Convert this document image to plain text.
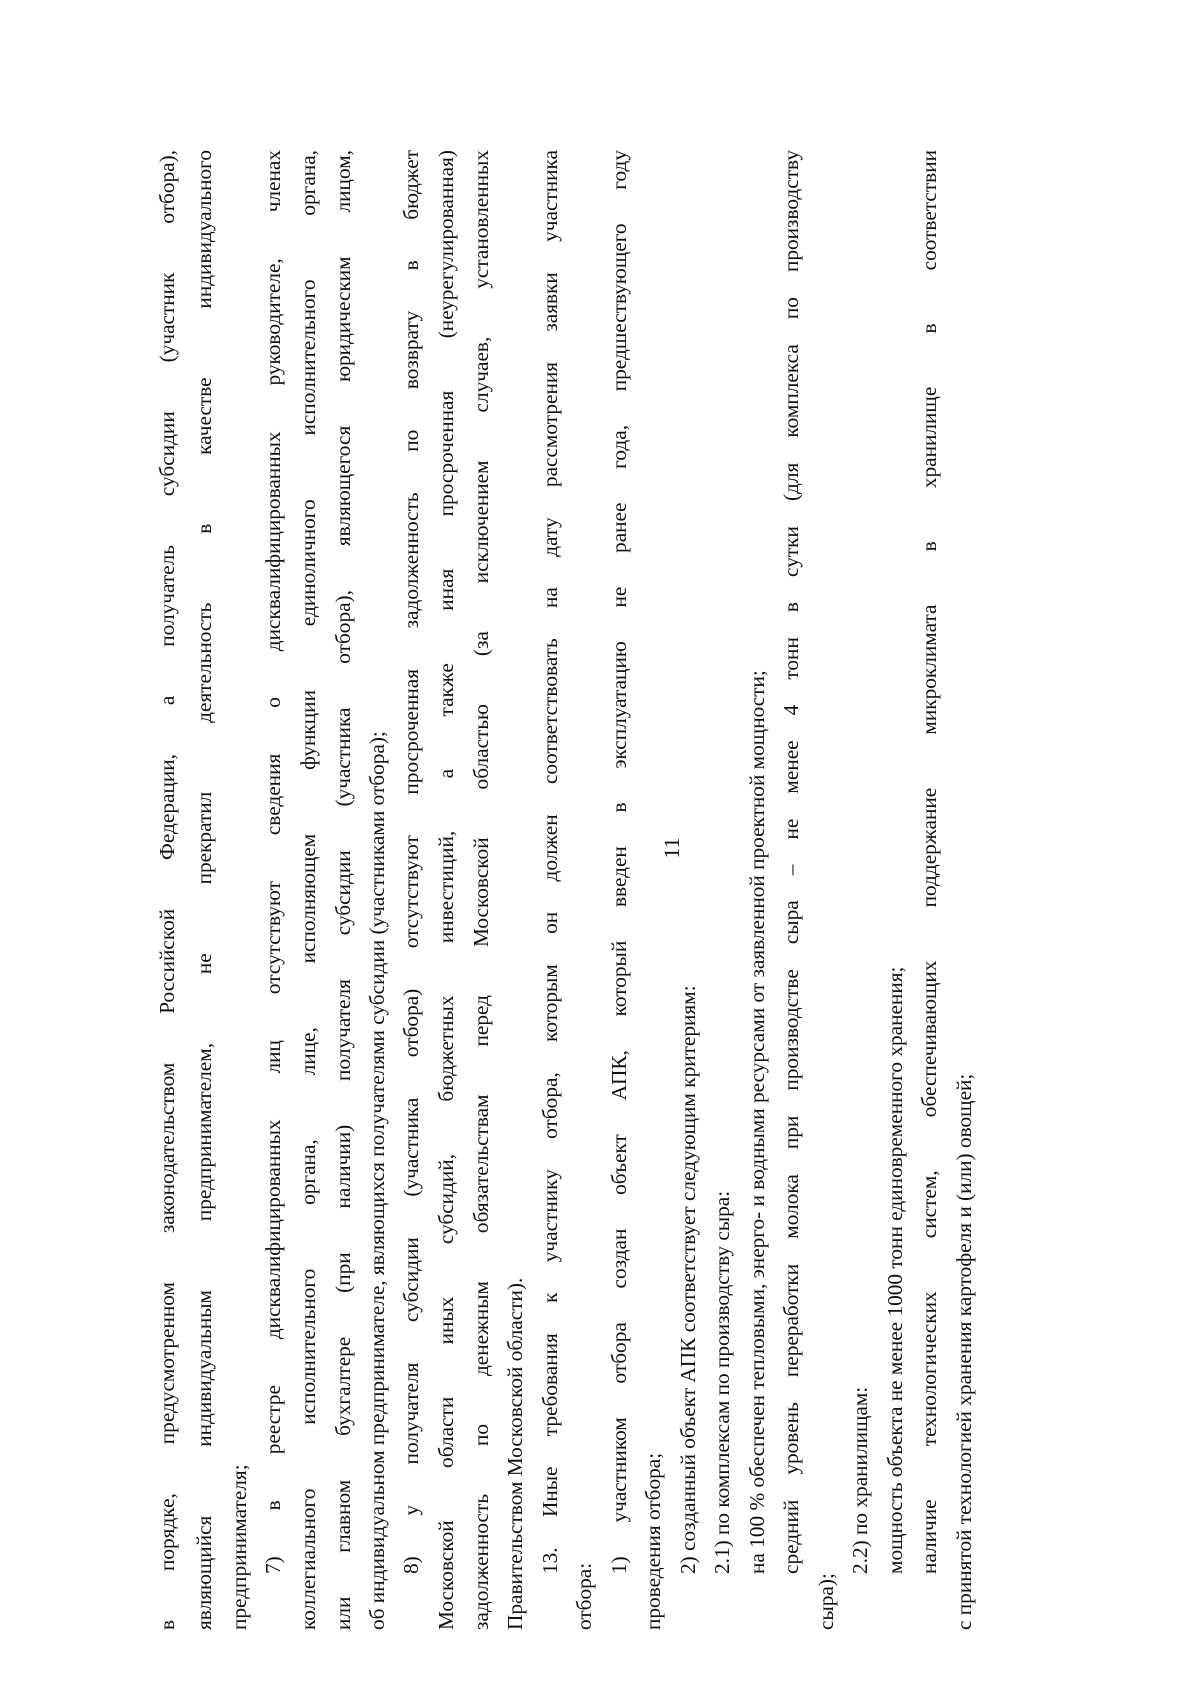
11
в порядке, предусмотренном законодательством Российской Федерации, а получатель субсидии (участник отбора), являющийся индивидуальным предпринимателем, не прекратил деятельность в качестве индивидуального предпринимателя; 7) в реестре дисквалифицированных лиц отсутствуют сведения о дисквалифицированных руководителе, членах коллегиального исполнительного органа, лице, исполняющем функции единоличного исполнительного органа, или главном бухгалтере (при наличии) получателя субсидии (участника отбора), являющегося юридическим лицом, об индивидуальном предпринимателе, являющихся получателями субсидии (участниками отбора); 8) у получателя субсидии (участника отбора) отсутствуют просроченная задолженность по возврату в бюджет Московской области иных субсидий, бюджетных инвестиций, а также иная просроченная (неурегулированная) задолженность по денежным обязательствам перед Московской областью (за исключением случаев, установленных Правительством Московской области). 13. Иные требования к участнику отбора, которым он должен соответствовать на дату рассмотрения заявки участника
отбора:
1) участником отбора создан объект АПК, который введен в эксплуатацию не ранее года, предшествующего году проведения отбора; 2) созданный объект АПК соответствует следующим критериям: 2.1) по комплексам по производству сыра: на 100 % обеспечен тепловыми, энерго- и водными ресурсами от заявленной проектной мощности; средний уровень переработки молока при производстве сыра – не менее 4 тонн в сутки (для комплекса по производству
сыра);
2.2) по хранилищам: мощность объекта не менее 1000 тонн единовременного хранения; наличие технологических систем, обеспечивающих поддержание микроклимата в хранилище в соответствии с принятой технологией хранения картофеля и (или) овощей;
